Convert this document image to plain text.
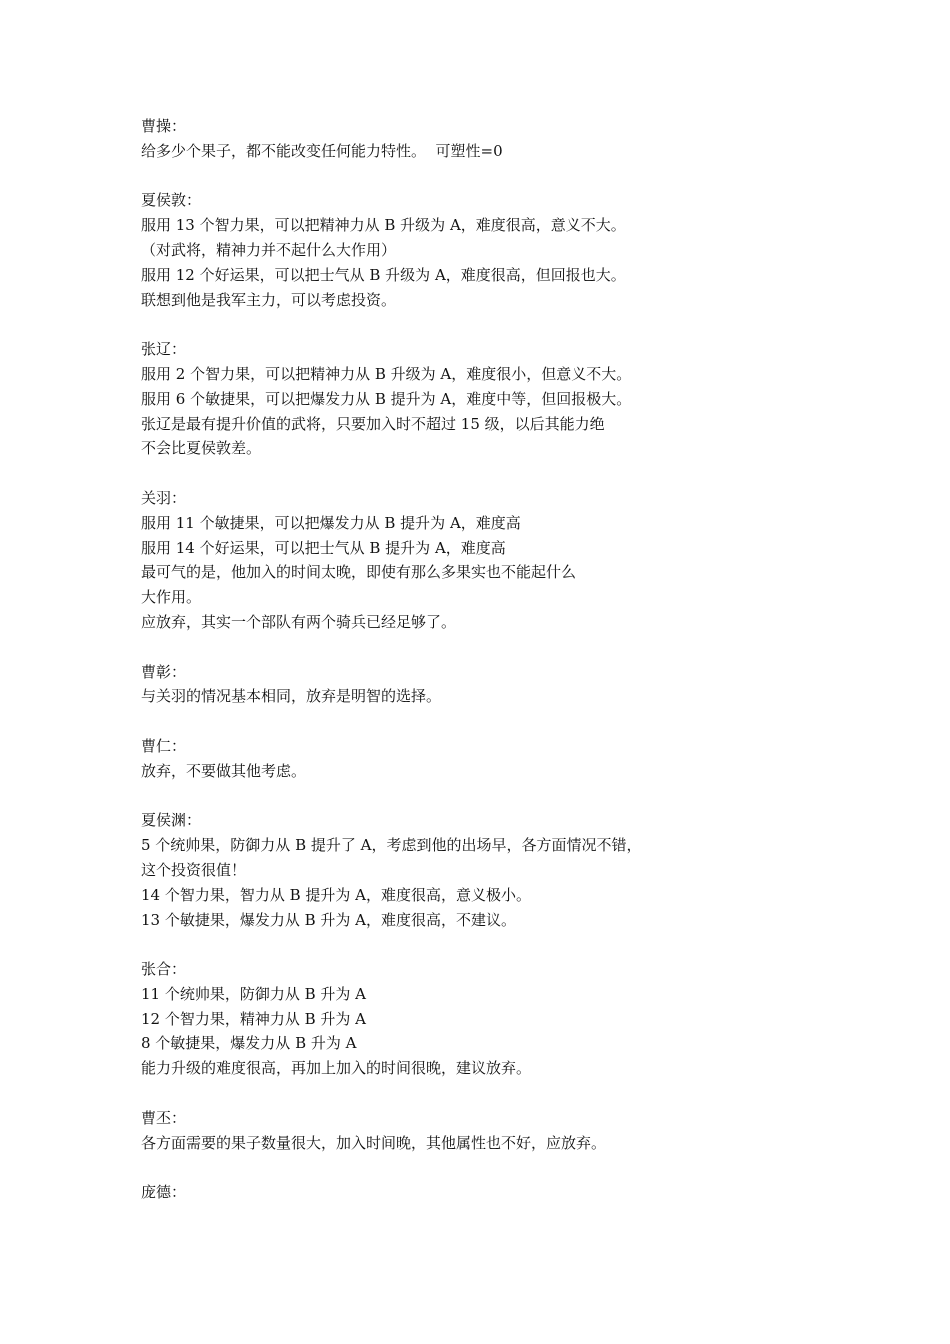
曹操：
给多少个果子，都不能改变任何能力特性。  可塑性=0
夏侯敦：
服用 13 个智力果，可以把精神力从 B 升级为 A，难度很高，意义不大。
（对武将，精神力并不起什么大作用）
服用 12 个好运果，可以把士气从 B 升级为 A，难度很高，但回报也大。
联想到他是我军主力，可以考虑投资。
张辽：
服用 2 个智力果，可以把精神力从 B 升级为 A，难度很小，但意义不大。
服用 6 个敏捷果，可以把爆发力从 B 提升为 A，难度中等，但回报极大。
张辽是最有提升价值的武将，只要加入时不超过 15 级，以后其能力绝
不会比夏侯敦差。
关羽：
服用 11 个敏捷果，可以把爆发力从 B 提升为 A，难度高
服用 14 个好运果，可以把士气从 B 提升为 A，难度高
最可气的是，他加入的时间太晚，即使有那么多果实也不能起什么
大作用。
应放弃，其实一个部队有两个骑兵已经足够了。
曹彰：
与关羽的情况基本相同，放弃是明智的选择。
曹仁：
放弃，不要做其他考虑。
夏侯渊：
5 个统帅果，防御力从 B 提升了 A，考虑到他的出场早，各方面情况不错，
这个投资很值！
14 个智力果，智力从 B 提升为 A，难度很高，意义极小。
13 个敏捷果，爆发力从 B 升为 A，难度很高，不建议。
张合：
11 个统帅果，防御力从 B 升为 A
12 个智力果，精神力从 B 升为 A
8 个敏捷果，爆发力从 B 升为 A
能力升级的难度很高，再加上加入的时间很晚，建议放弃。
曹丕：
各方面需要的果子数量很大，加入时间晚，其他属性也不好，应放弃。
庞德：
